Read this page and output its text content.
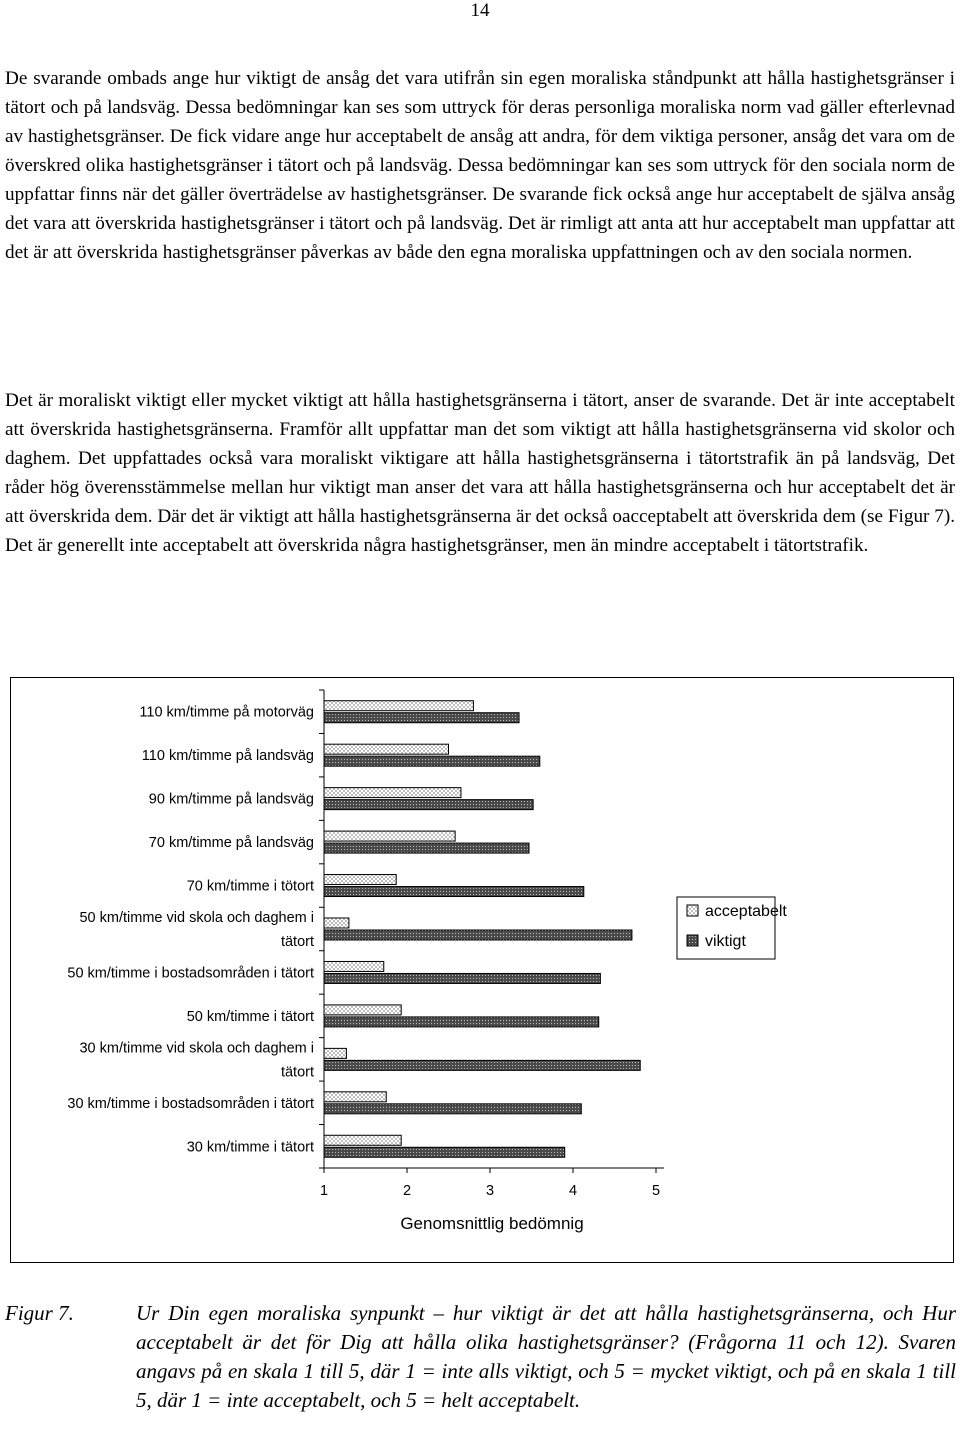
14

De svarande ombads ange hur viktigt de ansåg det vara utifrån sin egen moraliska ståndpunkt att hålla hastighetsgränser i tätort och på landsväg. Dessa bedömningar kan ses som uttryck för deras personliga moraliska norm vad gäller efterlevnad av hastighetsgränser. De fick vidare ange hur acceptabelt de ansåg att andra, för dem viktiga personer, ansåg det vara om de överskred olika hastighetsgränser i tätort och på landsväg. Dessa bedömningar kan ses som uttryck för den sociala norm de uppfattar finns när det gäller överträdelse av hastighetsgränser. De svarande fick också ange hur acceptabelt de själva ansåg det vara att överskrida hastighetsgränser i tätort och på landsväg. Det är rimligt att anta att hur acceptabelt man uppfattar att det är att överskrida hastighetsgränser påverkas av både den egna moraliska uppfattningen och av den sociala normen.

Det är moraliskt viktigt eller mycket viktigt att hålla hastighetsgränserna i tätort, anser de svarande. Det är inte acceptabelt att överskrida hastighetsgränserna. Framför allt uppfattar man det som viktigt att hålla hastighetsgränserna vid skolor och daghem. Det uppfattades också vara moraliskt viktigare att hålla hastighetsgränserna i tätortstrafik än på landsväg, Det råder hög överensstämmelse mellan hur viktigt man anser det vara att hålla hastighetsgränserna och hur acceptabelt det är att överskrida dem. Där det är viktigt att hålla hastighetsgränserna är det också oacceptabelt att överskrida dem (se Figur 7). Det är generellt inte acceptabelt att överskrida några hastighetsgränser, men än mindre acceptabelt i tätortstrafik.

110 km/timme på motorväg
110 km/timme på landsväg
90 km/timme på landsväg
70 km/timme på landsväg
70 km/timme i tötort
50 km/timme vid skola och daghem i tätort
50 km/timme i bostadsområden i tätort
50 km/timme i tätort
30 km/timme vid skola och daghem i tätort
30 km/timme i bostadsområden i tätort
30 km/timme i tätort
1	2	3	4	5
Genomsnittlig bedömnig
acceptabelt
viktigt
Figur 7.	Ur Din egen moraliska synpunkt – hur viktigt är det att hålla hastighetsgränserna, och Hur acceptabelt är det för Dig att hålla olika hastighetsgränser? (Frågorna 11 och 12). Svaren angavs på en skala 1 till 5, där 1 = inte alls viktigt, och 5 = mycket viktigt, och på en skala 1 till 5, där 1 = inte acceptabelt, och 5 = helt acceptabelt.
